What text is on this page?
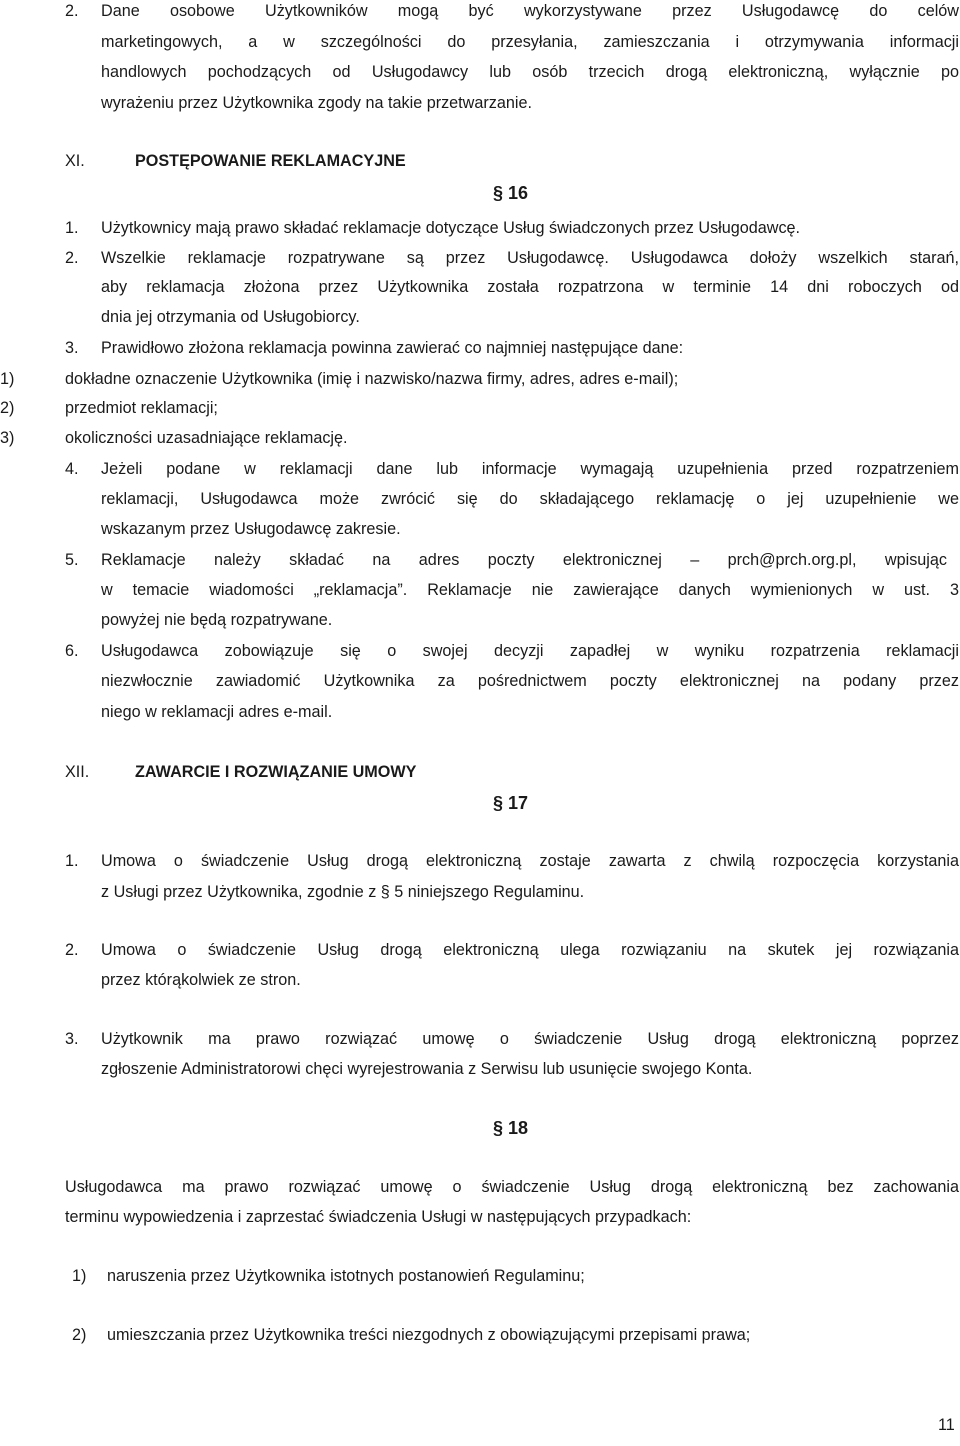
2. Dane osobowe Użytkowników mogą być wykorzystywane przez Usługodawcę do celów
marketingowych, a w szczególności do przesyłania, zamieszczania i otrzymywania informacji
handlowych pochodzących od Usługodawcy lub osób trzecich drogą elektroniczną, wyłącznie po
wyrażeniu przez Użytkownika zgody na takie przetwarzanie.
XI.	POSTĘPOWANIE REKLAMACYJNE
§ 16
1. Użytkownicy mają prawo składać reklamacje dotyczące Usług świadczonych przez Usługodawcę.
2. Wszelkie reklamacje rozpatrywane są przez Usługodawcę. Usługodawca dołoży wszelkich starań,
aby reklamacja złożona przez Użytkownika została rozpatrzona w terminie 14 dni roboczych od
dnia jej otrzymania od Usługobiorcy.
3. Prawidłowo złożona reklamacja powinna zawierać co najmniej następujące dane:
1)	dokładne oznaczenie Użytkownika (imię i nazwisko/nazwa firmy, adres, adres e-mail);
2)	przedmiot reklamacji;
3)	okoliczności uzasadniające reklamację.
4. Jeżeli podane w reklamacji dane lub informacje wymagają uzupełnienia przed rozpatrzeniem
reklamacji, Usługodawca może zwrócić się do składającego reklamację o jej uzupełnienie we
wskazanym przez Usługodawcę zakresie.
5. Reklamacje należy składać na adres poczty elektronicznej – prch@prch.org.pl, wpisując
w temacie wiadomości „reklamacja”. Reklamacje nie zawierające danych wymienionych w ust. 3
powyżej nie będą rozpatrywane.
6. Usługodawca zobowiązuje się o swojej decyzji zapadłej w wyniku rozpatrzenia reklamacji
niezwłocznie zawiadomić Użytkownika za pośrednictwem poczty elektronicznej na podany przez
niego w reklamacji adres e-mail.
XII.	ZAWARCIE I ROZWIĄZANIE UMOWY
§ 17
1. Umowa o świadczenie Usług drogą elektroniczną zostaje zawarta z chwilą rozpoczęcia korzystania
z Usługi przez Użytkownika, zgodnie z § 5 niniejszego Regulaminu.
2. Umowa o świadczenie Usług drogą elektroniczną ulega rozwiązaniu na skutek jej rozwiązania
przez którąkolwiek ze stron.
3. Użytkownik ma prawo rozwiązać umowę o świadczenie Usług drogą elektroniczną poprzez
zgłoszenie Administratorowi chęci wyrejestrowania z Serwisu lub usunięcie swojego Konta.
§ 18
Usługodawca ma prawo rozwiązać umowę o świadczenie Usług drogą elektroniczną bez zachowania
terminu wypowiedzenia i zaprzestać świadczenia Usługi w następujących przypadkach:
1) naruszenia przez Użytkownika istotnych postanowień Regulaminu;
2) umieszczania przez Użytkownika treści niezgodnych z obowiązującymi przepisami prawa;
11
